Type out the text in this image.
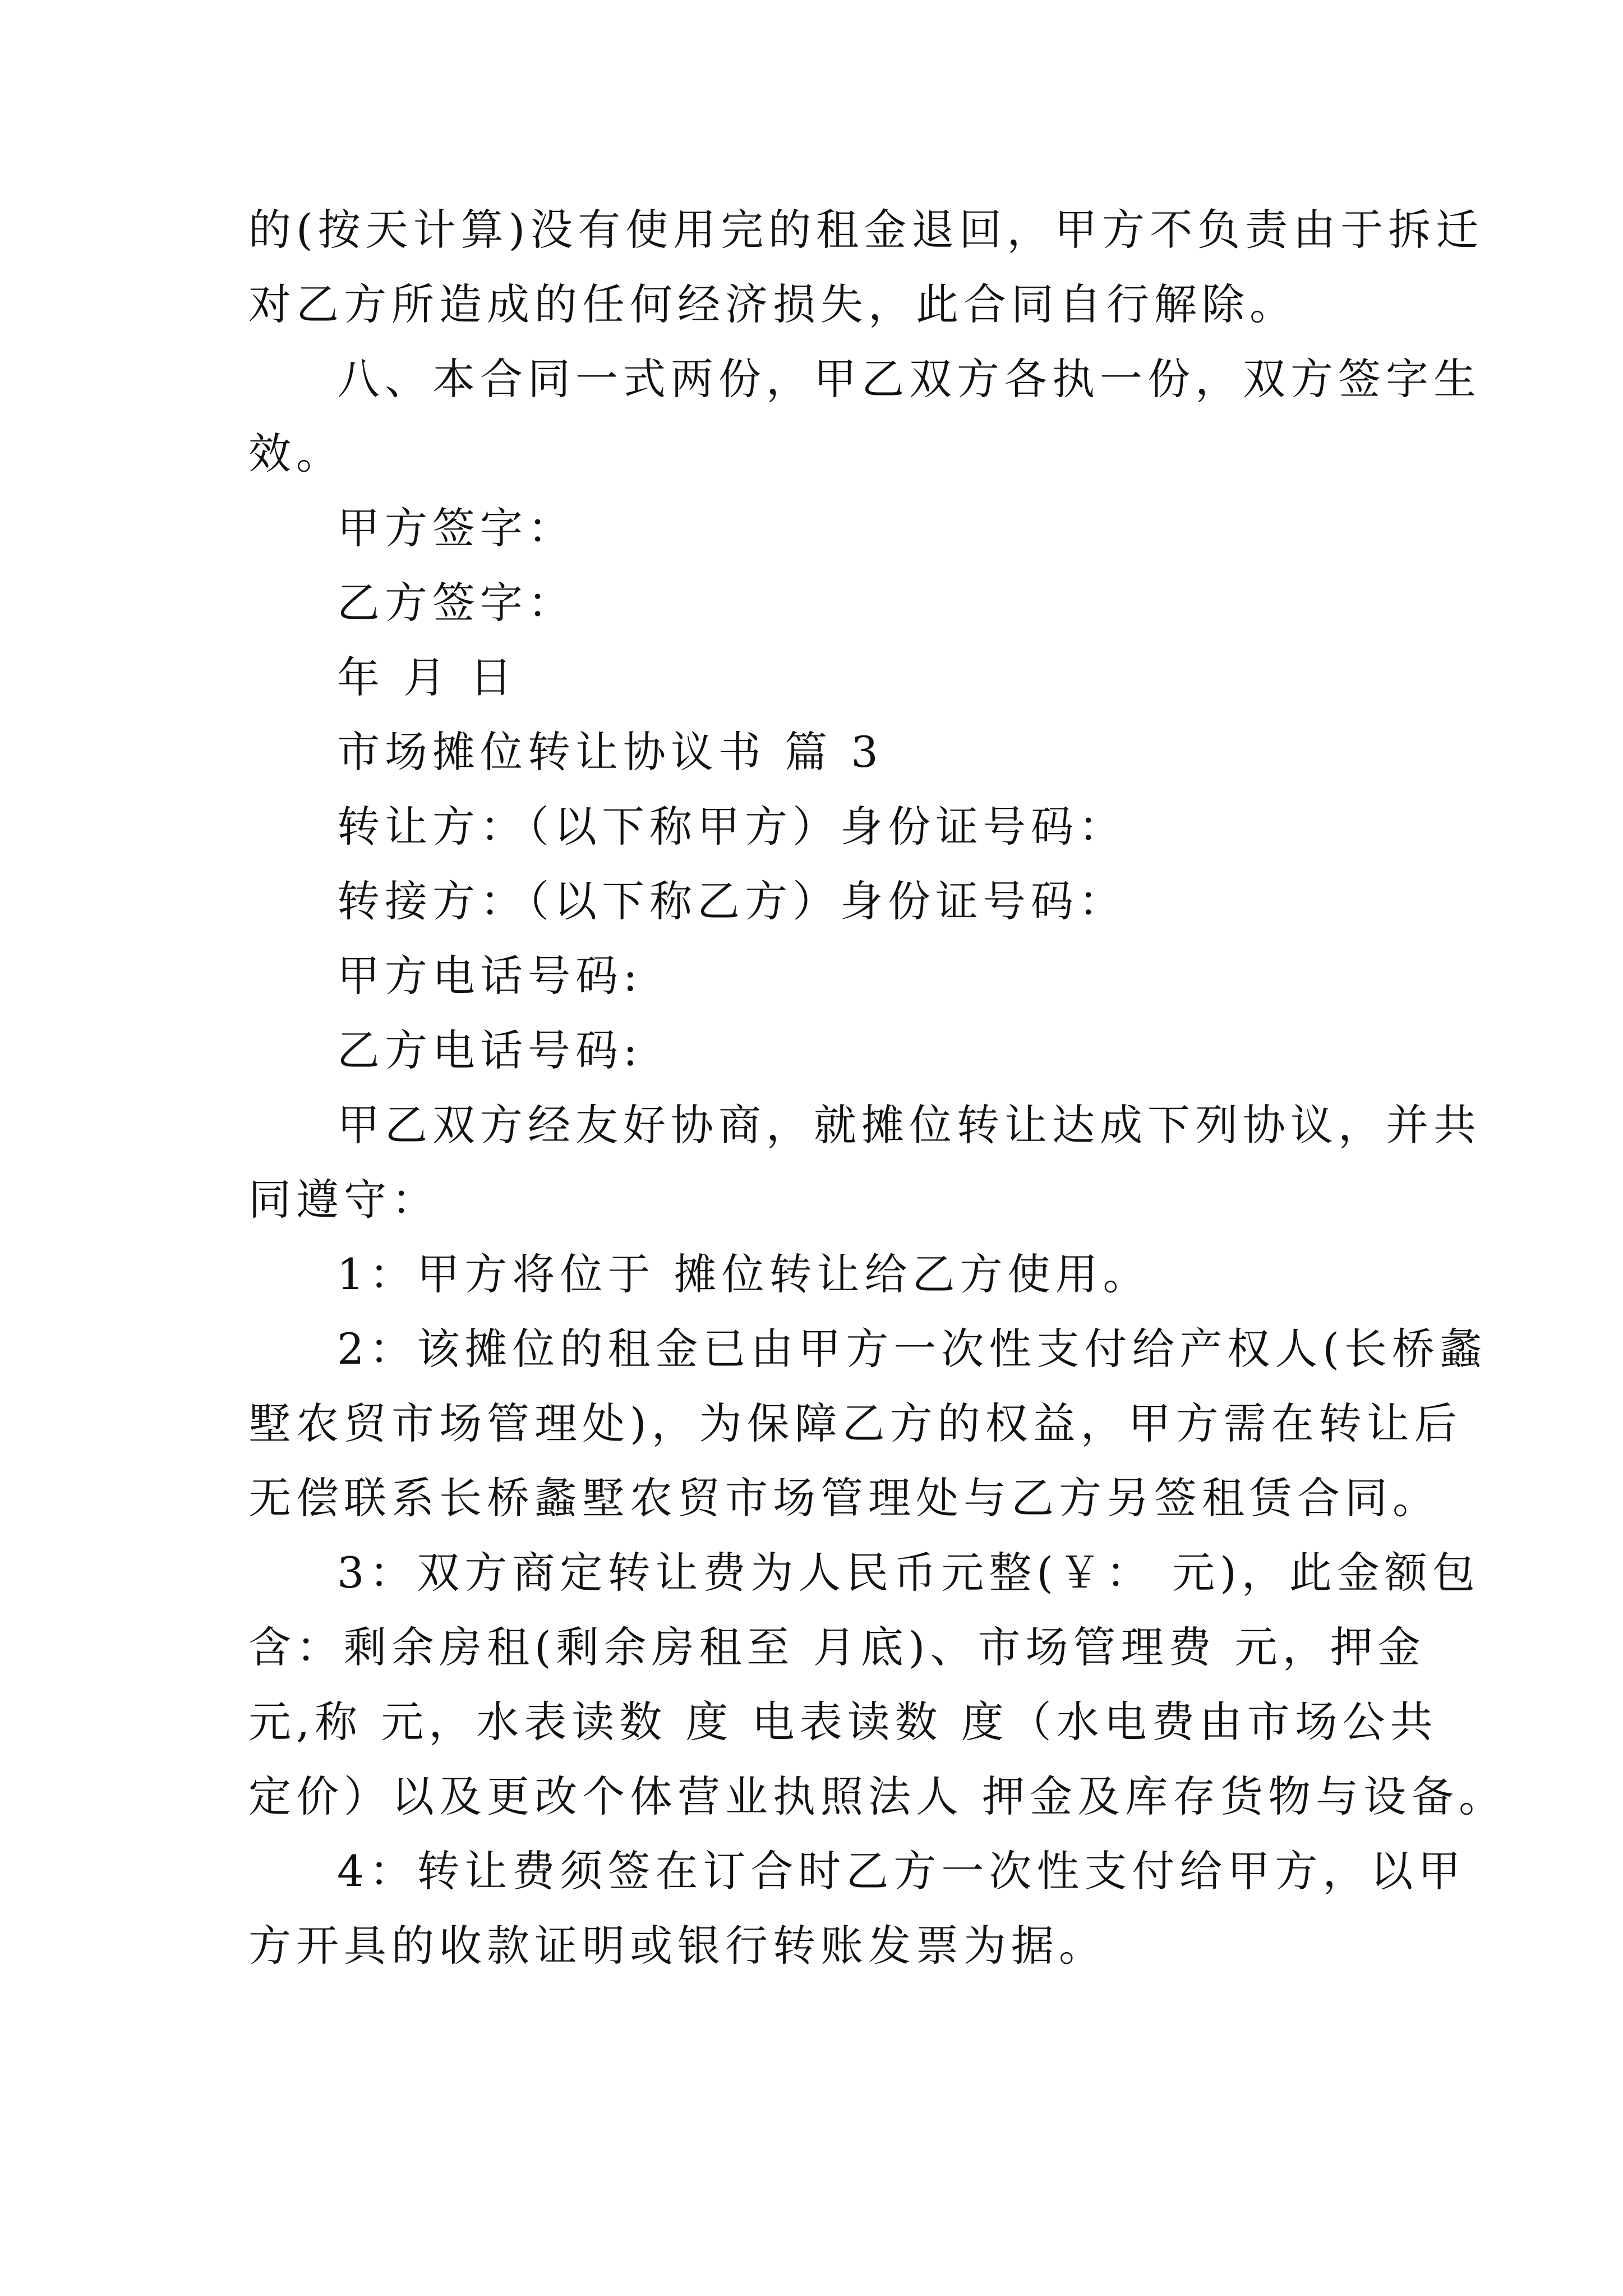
的(按天计算)没有使用完的租金退回，甲方不负责由于拆迁
对乙方所造成的任何经济损失，此合同自行解除。
八、本合同一式两份，甲乙双方各执一份，双方签字生
效。
甲方签字：
乙方签字：
年 月 日
市场摊位转让协议书 篇 3
转让方：（以下称甲方）身份证号码：
转接方：（以下称乙方）身份证号码：
甲方电话号码:
乙方电话号码:
甲乙双方经友好协商，就摊位转让达成下列协议，并共
同遵守：
1：甲方将位于 摊位转让给乙方使用。
2：该摊位的租金已由甲方一次性支付给产权人(长桥蠡
墅农贸市场管理处)，为保障乙方的权益，甲方需在转让后
无偿联系长桥蠡墅农贸市场管理处与乙方另签租赁合同。
3：双方商定转让费为人民币元整(￥： 元)，此金额包
含：剩余房租(剩余房租至 月底)、市场管理费 元，押金
元,称 元，水表读数 度 电表读数 度（水电费由市场公共
定价）以及更改个体营业执照法人 押金及库存货物与设备。
4：转让费须签在订合时乙方一次性支付给甲方，以甲
方开具的收款证明或银行转账发票为据。
